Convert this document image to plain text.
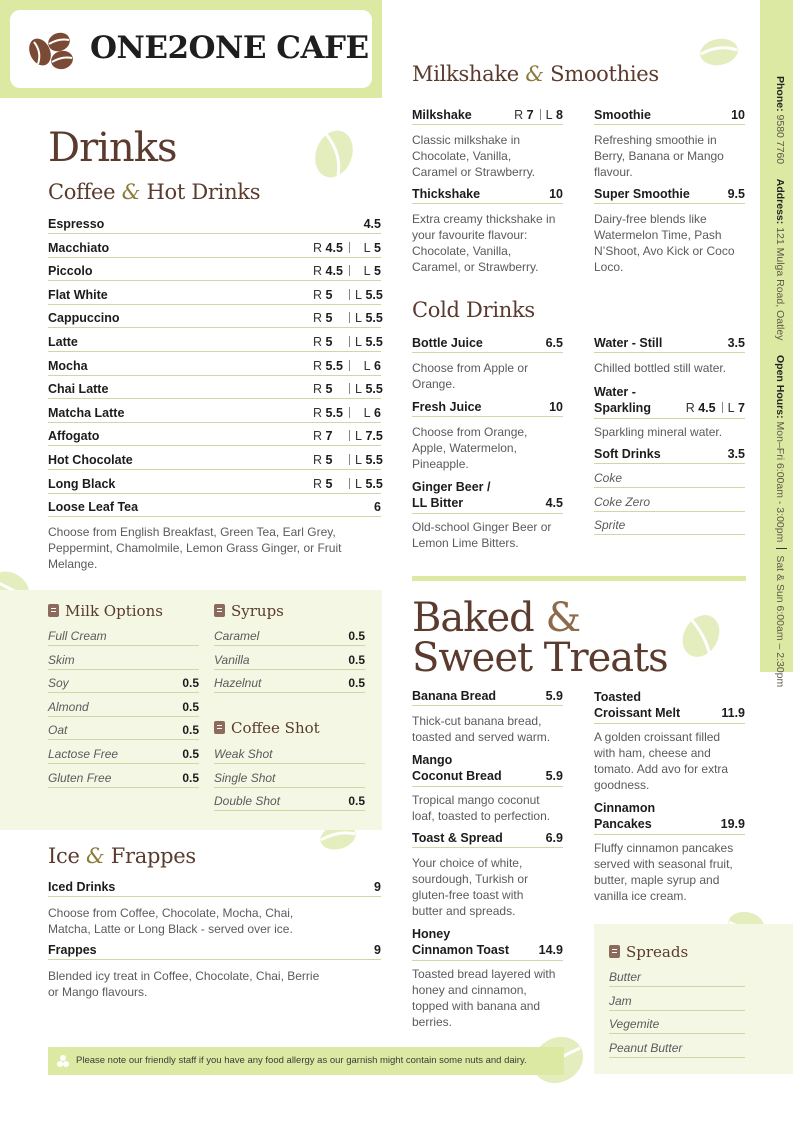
ONE2ONE CAFE
Phone: 9580 7760     Address: 121 Mulga Road, Oatley     Open Hours: Mon–Fri 6:00am - 3:00pmSat & Sun 6:00am – 2:30pm
Drinks
Coffee & Hot Drinks
Espresso	4.5
Macchiato	R 4.5 L 5
Piccolo	R 4.5 L 5
Flat White	R 5 L 5.5
Cappuccino	R 5 L 5.5
Latte	R 5 L 5.5
Mocha	R 5.5 L 6
Chai Latte	R 5 L 5.5
Matcha Latte	R 5.5 L 6
Affogato	R 7 L 7.5
Hot Chocolate	R 5 L 5.5
Long Black	R 5 L 5.5
Loose Leaf Tea	6
Choose from English Breakfast, Green Tea, Earl Grey, Peppermint, Chamolmile, Lemon Grass Ginger, or Fruit Melange.
Milk Options
Full Cream
Skim
Soy	0.5
Almond	0.5
Oat	0.5
Lactose Free	0.5
Gluten Free	0.5
Syrups
Caramel	0.5
Vanilla	0.5
Hazelnut	0.5
Coffee Shot
Weak Shot
Single Shot
Double Shot	0.5
Ice & Frappes
Iced Drinks	9
Choose from Coffee, Chocolate, Mocha, Chai, Matcha, Latte or Long Black - served over ice.
Frappes	9
Blended icy treat in Coffee, Chocolate, Chai, Berrie or Mango flavours.
Milkshake & Smoothies
Milkshake	R 7 L 8
Classic milkshake in Chocolate, Vanilla, Caramel or Strawberry.
Thickshake	10
Extra creamy thickshake in your favourite flavour: Chocolate, Vanilla, Caramel, or Strawberry.
Smoothie	10
Refreshing smoothie in Berry, Banana or Mango flavour.
Super Smoothie	9.5
Dairy-free blends like Watermelon Time, Pash N’Shoot, Avo Kick or Coco Loco.
Cold Drinks
Bottle Juice	6.5
Choose from Apple or Orange.
Fresh Juice	10
Choose from Orange, Apple, Watermelon, Pineapple.
Ginger Beer /
LL Bitter	4.5
Old-school Ginger Beer or Lemon Lime Bitters.
Water - Still	3.5
Chilled bottled still water.
Water -
Sparkling	R 4.5 L 7
Sparkling mineral water.
Soft Drinks	3.5
Coke
Coke Zero
Sprite
Baked &
Sweet Treats
Banana Bread	5.9
Thick-cut banana bread, toasted and served warm.
Mango
Coconut Bread	5.9
Tropical mango coconut loaf, toasted to perfection.
Toast & Spread	6.9
Your choice of white, sourdough, Turkish or gluten-free toast with butter and spreads.
Honey
Cinnamon Toast	14.9
Toasted bread layered with honey and cinnamon, topped with banana and berries.
Toasted
Croissant Melt	11.9
A golden croissant filled with ham, cheese and tomato. Add avo for extra goodness.
Cinnamon
Pancakes	19.9
Fluffy cinnamon pancakes served with seasonal fruit, butter, maple syrup and vanilla ice cream.
Spreads
Butter
Jam
Vegemite
Peanut Butter
Please note our friendly staff if you have any food allergy as our garnish might contain some nuts and dairy.
